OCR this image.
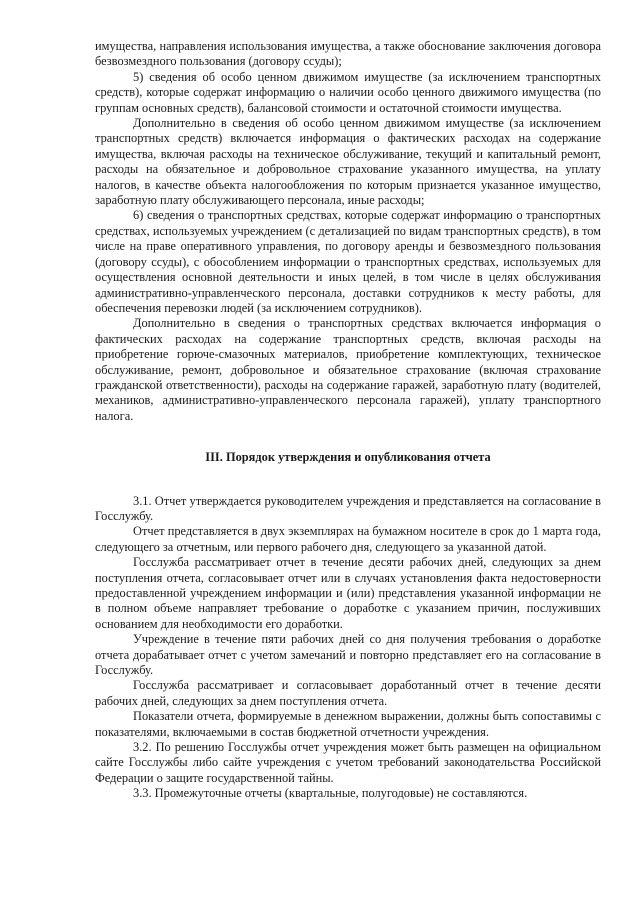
имущества, направления использования имущества, а также обоснование заключения договора безвозмездного пользования (договору ссуды);

5) сведения об особо ценном движимом имуществе (за исключением транспортных средств), которые содержат информацию о наличии особо ценного движимого имущества (по группам основных средств), балансовой стоимости и остаточной стоимости имущества.

Дополнительно в сведения об особо ценном движимом имуществе (за исключением транспортных средств) включается информация о фактических расходах на содержание имущества, включая расходы на техническое обслуживание, текущий и капитальный ремонт, расходы на обязательное и добровольное страхование указанного имущества, на уплату налогов, в качестве объекта налогообложения по которым признается указанное имущество, заработную плату обслуживающего персонала, иные расходы;

6) сведения о транспортных средствах, которые содержат информацию о транспортных средствах, используемых учреждением (с детализацией по видам транспортных средств), в том числе на праве оперативного управления, по договору аренды и безвозмездного пользования (договору ссуды), с обособлением информации о транспортных средствах, используемых для осуществления основной деятельности и иных целей, в том числе в целях обслуживания административно-управленческого персонала, доставки сотрудников к месту работы, для обеспечения перевозки людей (за исключением сотрудников).

Дополнительно в сведения о транспортных средствах включается информация о фактических расходах на содержание транспортных средств, включая расходы на приобретение горюче-смазочных материалов, приобретение комплектующих, техническое обслуживание, ремонт, добровольное и обязательное страхование (включая страхование гражданской ответственности), расходы на содержание гаражей, заработную плату (водителей, механиков, административно-управленческого персонала гаражей), уплату транспортного налога.

III. Порядок утверждения и опубликования отчета

3.1. Отчет утверждается руководителем учреждения и представляется на согласование в Госслужбу.

Отчет представляется в двух экземплярах на бумажном носителе в срок до 1 марта года, следующего за отчетным, или первого рабочего дня, следующего за указанной датой.

Госслужба рассматривает отчет в течение десяти рабочих дней, следующих за днем поступления отчета, согласовывает отчет или в случаях установления факта недостоверности предоставленной учреждением информации и (или) представления указанной информации не в полном объеме направляет требование о доработке с указанием причин, послуживших основанием для необходимости его доработки.

Учреждение в течение пяти рабочих дней со дня получения требования о доработке отчета дорабатывает отчет с учетом замечаний и повторно представляет его на согласование в Госслужбу.

Госслужба рассматривает и согласовывает доработанный отчет в течение десяти рабочих дней, следующих за днем поступления отчета.

Показатели отчета, формируемые в денежном выражении, должны быть сопоставимы с показателями, включаемыми в состав бюджетной отчетности учреждения.

3.2. По решению Госслужбы отчет учреждения может быть размещен на официальном сайте Госслужбы либо сайте учреждения с учетом требований законодательства Российской Федерации о защите государственной тайны.

3.3. Промежуточные отчеты (квартальные, полугодовые) не составляются.
